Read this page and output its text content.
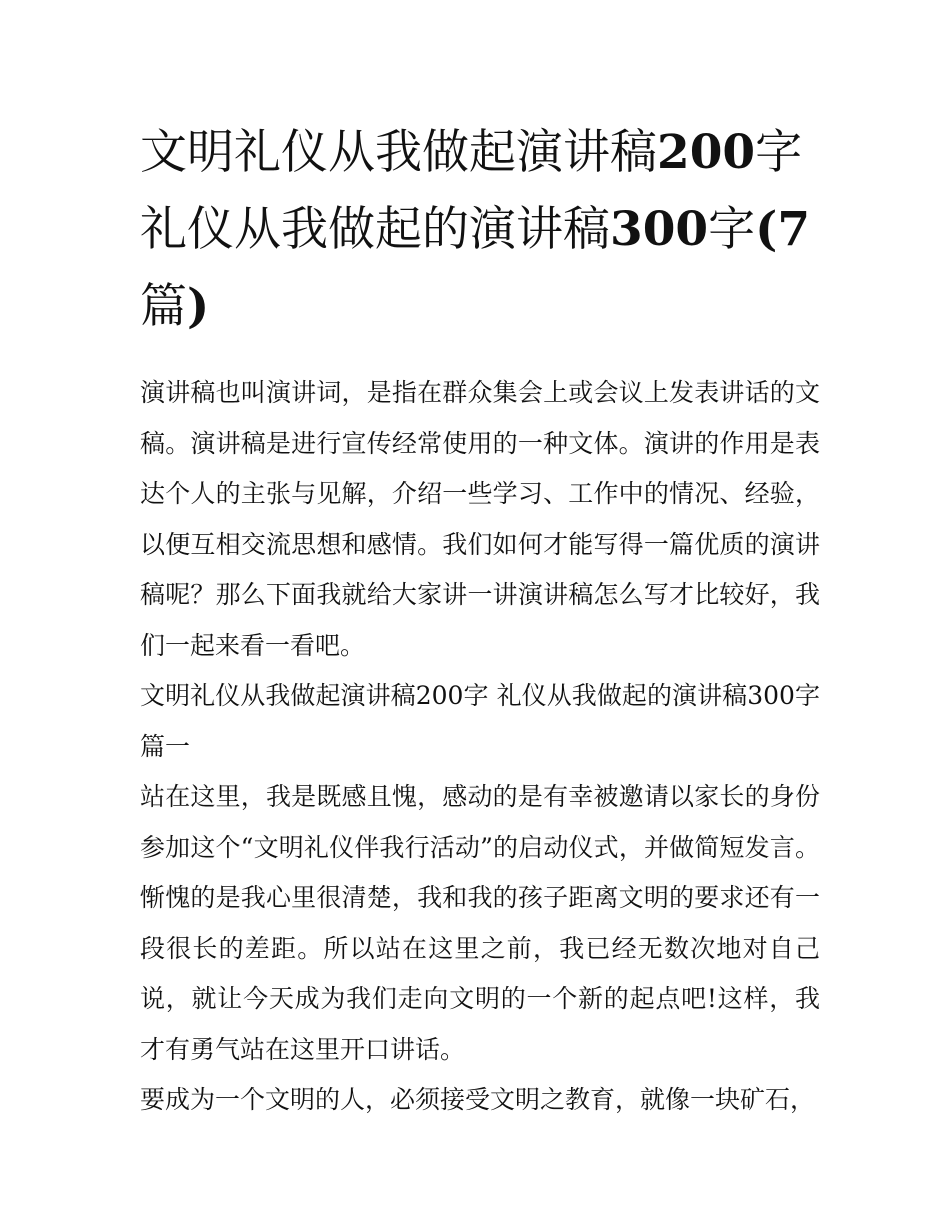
文明礼仪从我做起演讲稿200字 礼仪从我做起的演讲稿300字(7篇)

演讲稿也叫演讲词，是指在群众集会上或会议上发表讲话的文稿。演讲稿是进行宣传经常使用的一种文体。演讲的作用是表达个人的主张与见解，介绍一些学习、工作中的情况、经验，以便互相交流思想和感情。我们如何才能写得一篇优质的演讲稿呢？那么下面我就给大家讲一讲演讲稿怎么写才比较好，我们一起来看一看吧。

文明礼仪从我做起演讲稿200字 礼仪从我做起的演讲稿300字篇一

站在这里，我是既感且愧，感动的是有幸被邀请以家长的身份参加这个“文明礼仪伴我行活动”的启动仪式，并做简短发言。惭愧的是我心里很清楚，我和我的孩子距离文明的要求还有一段很长的差距。所以站在这里之前，我已经无数次地对自己说，就让今天成为我们走向文明的一个新的起点吧!这样，我才有勇气站在这里开口讲话。

要成为一个文明的人，必须接受文明之教育，就像一块矿石，
